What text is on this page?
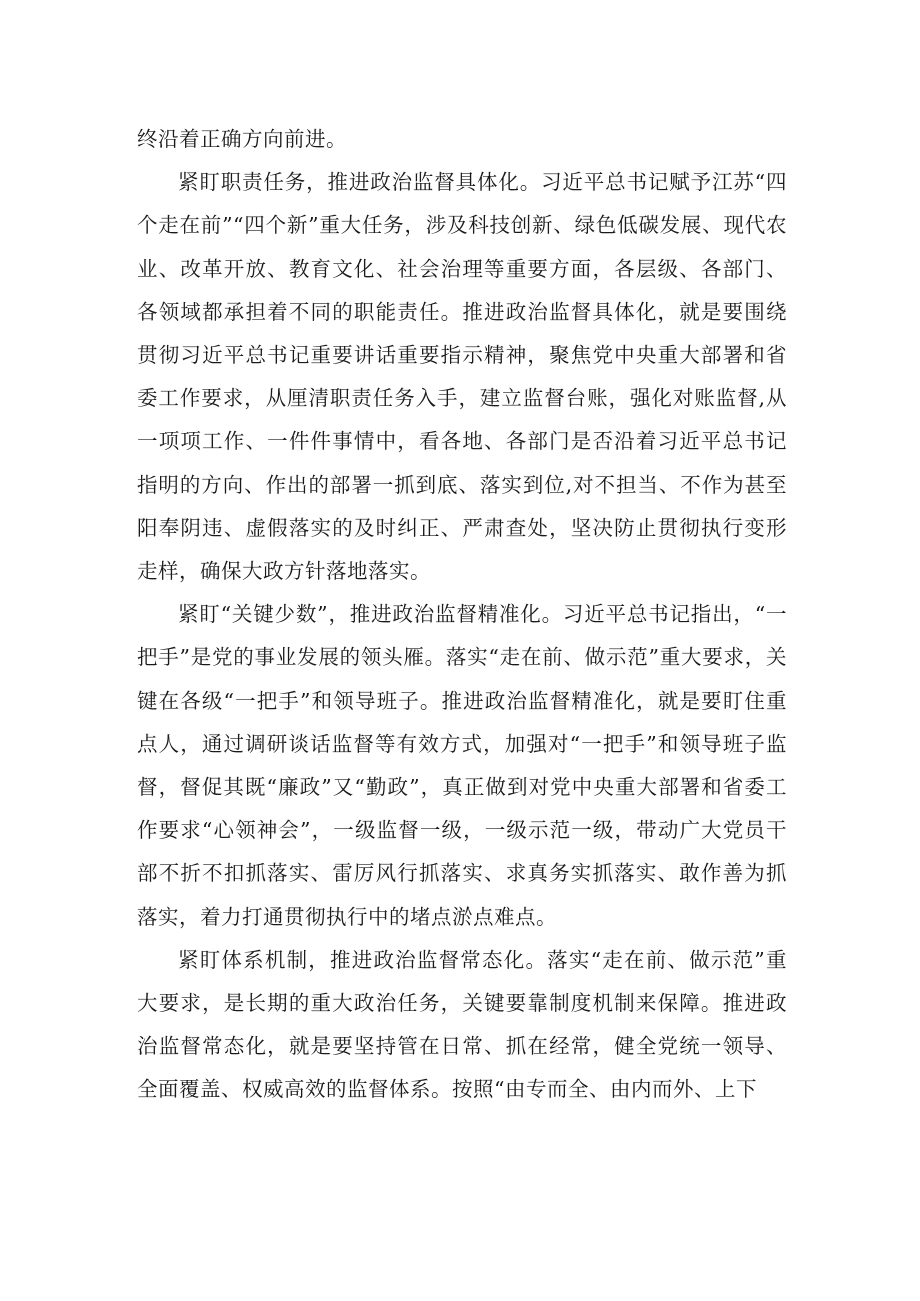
终沿着正确方向前进。

紧盯职责任务，推进政治监督具体化。习近平总书记赋予江苏“四个走在前”“四个新”重大任务，涉及科技创新、绿色低碳发展、现代农业、改革开放、教育文化、社会治理等重要方面，各层级、各部门、各领域都承担着不同的职能责任。推进政治监督具体化，就是要围绕贯彻习近平总书记重要讲话重要指示精神，聚焦党中央重大部署和省委工作要求，从厘清职责任务入手，建立监督台账，强化对账监督,从一项项工作、一件件事情中，看各地、各部门是否沿着习近平总书记指明的方向、作出的部署一抓到底、落实到位,对不担当、不作为甚至阳奉阴违、虚假落实的及时纠正、严肃查处，坚决防止贯彻执行变形走样，确保大政方针落地落实。

紧盯“关键少数”，推进政治监督精准化。习近平总书记指出，“一把手”是党的事业发展的领头雁。落实“走在前、做示范”重大要求，关键在各级“一把手”和领导班子。推进政治监督精准化，就是要盯住重点人，通过调研谈话监督等有效方式，加强对“一把手”和领导班子监督，督促其既“廉政”又“勤政”，真正做到对党中央重大部署和省委工作要求“心领神会”，一级监督一级，一级示范一级，带动广大党员干部不折不扣抓落实、雷厉风行抓落实、求真务实抓落实、敢作善为抓落实，着力打通贯彻执行中的堵点淤点难点。

紧盯体系机制，推进政治监督常态化。落实“走在前、做示范”重大要求，是长期的重大政治任务，关键要靠制度机制来保障。推进政治监督常态化，就是要坚持管在日常、抓在经常，健全党统一领导、全面覆盖、权威高效的监督体系。按照“由专而全、由内而外、上下
